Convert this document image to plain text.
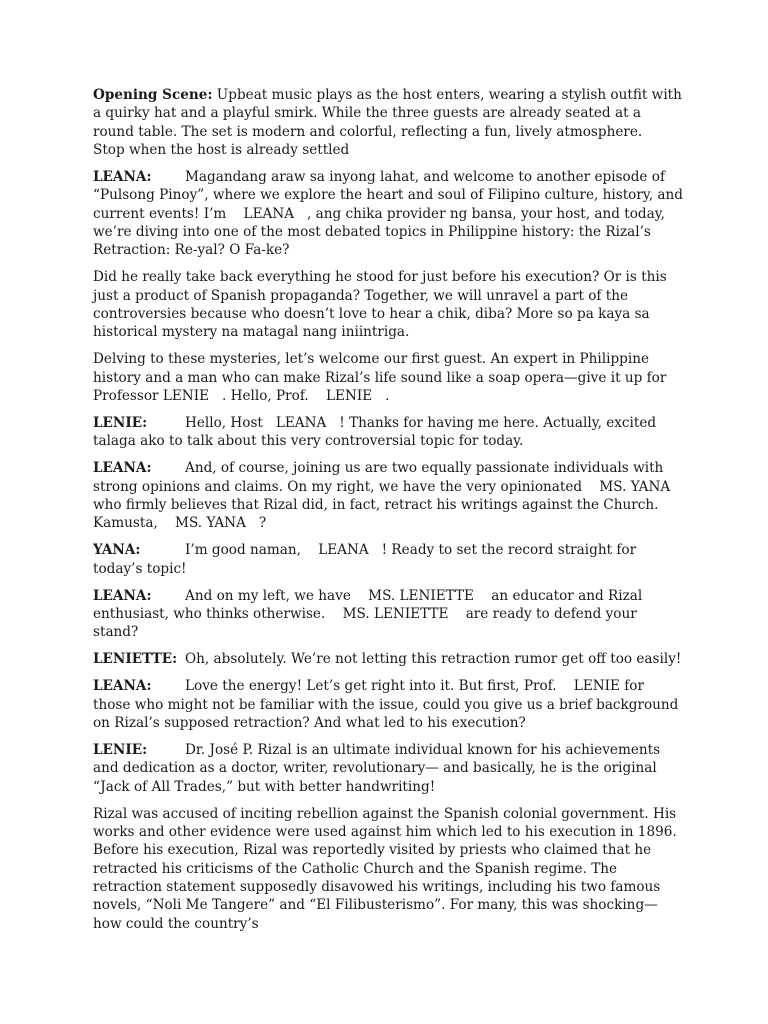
Opening Scene: Upbeat music plays as the host enters, wearing a stylish outfit with a quirky hat and a playful smirk. While the three guests are already seated at a round table. The set is modern and colorful, reflecting a fun, lively atmosphere.          Stop when the host is already settled

LEANA: Magandang araw sa inyong lahat, and welcome to another episode of “Pulsong Pinoy”, where we explore the heart and soul of Filipino culture, history, and current events! I’m    LEANA   , ang chika provider ng bansa, your host, and today, we’re diving into one of the most debated topics in Philippine history: the Rizal’s Retraction: Re-yal? O Fa-ke?

Did he really take back everything he stood for just before his execution? Or is this just a product of Spanish propaganda? Together, we will unravel a part of the controversies because who doesn’t love to hear a chik, diba? More so pa kaya sa historical mystery na matagal nang iniintriga.

Delving to these mysteries, let’s welcome our first guest. An expert in Philippine history and a man who can make Rizal’s life sound like a soap opera—give it up for Professor LENIE   . Hello, Prof.    LENIE   .

LENIE:	Hello, Host   LEANA   ! Thanks for having me here. Actually, excited talaga ako to talk about this very controversial topic for today.

LEANA: And, of course, joining us are two equally passionate individuals with strong opinions and claims. On my right, we have the very opinionated    MS. YANA who firmly believes that Rizal did, in fact, retract his writings against the Church. Kamusta,    MS. YANA   ?

YANA:	I’m good naman,    LEANA   ! Ready to set the record straight for today’s topic!

LEANA: And on my left, we have    MS. LENIETTE    an educator and Rizal enthusiast, who thinks otherwise.    MS. LENIETTE    are ready to defend your stand?

LENIETTE: Oh, absolutely. We’re not letting this retraction rumor get off too easily!

LEANA: Love the energy! Let’s get right into it. But first, Prof.    LENIE for those who might not be familiar with the issue, could you give us a brief background on Rizal’s supposed retraction? And what led to his execution?

LENIE:	Dr. José P. Rizal is an ultimate individual known for his achievements and dedication as a doctor, writer, revolutionary— and basically, he is the original “Jack of All Trades,” but with better handwriting!

Rizal was accused of inciting rebellion against the Spanish colonial government. His works and other evidence were used against him which led to his execution in 1896. Before his execution, Rizal was reportedly visited by priests who claimed that he retracted his criticisms of the Catholic Church and the Spanish regime. The retraction statement supposedly disavowed his writings, including his two famous novels, “Noli Me Tangere” and “El Filibusterismo”. For many, this was shocking—how could the country’s
